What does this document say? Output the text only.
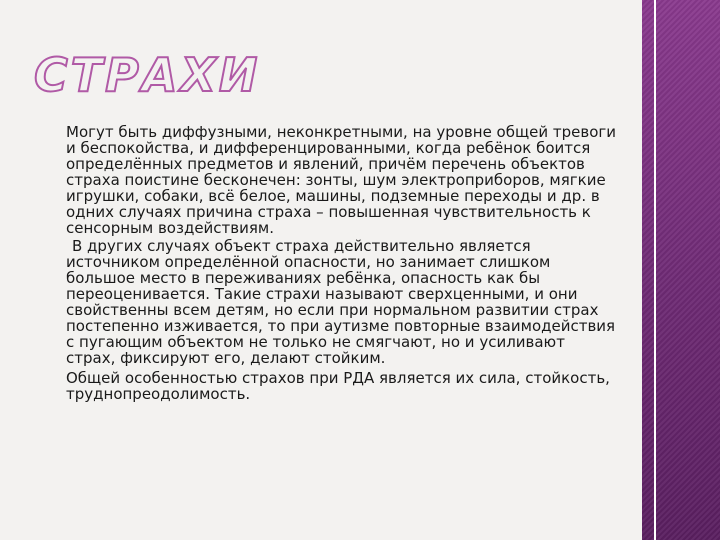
СТРАХИ

Могут быть диффузными, неконкретными, на уровне общей тревоги и беспокойства, и дифференцированными, когда ребёнок боится определённых предметов и явлений, причём перечень объектов страха поистине бесконечен: зонты, шум электроприборов, мягкие игрушки, собаки, всё белое, машины, подземные переходы и др. в одних случаях причина страха – повышенная чувствительность к сенсорным воздействиям.

В других случаях объект страха действительно является источником определённой опасности, но занимает слишком большое место в переживаниях ребёнка, опасность как бы переоценивается. Такие страхи называют сверхценными, и они свойственны всем детям, но если при нормальном развитии страх постепенно изживается, то при аутизме повторные взаимодействия с пугающим объектом не только не смягчают, но и усиливают страх, фиксируют его, делают стойким.

Общей особенностью страхов при РДА является их сила, стойкость, труднопреодолимость.
